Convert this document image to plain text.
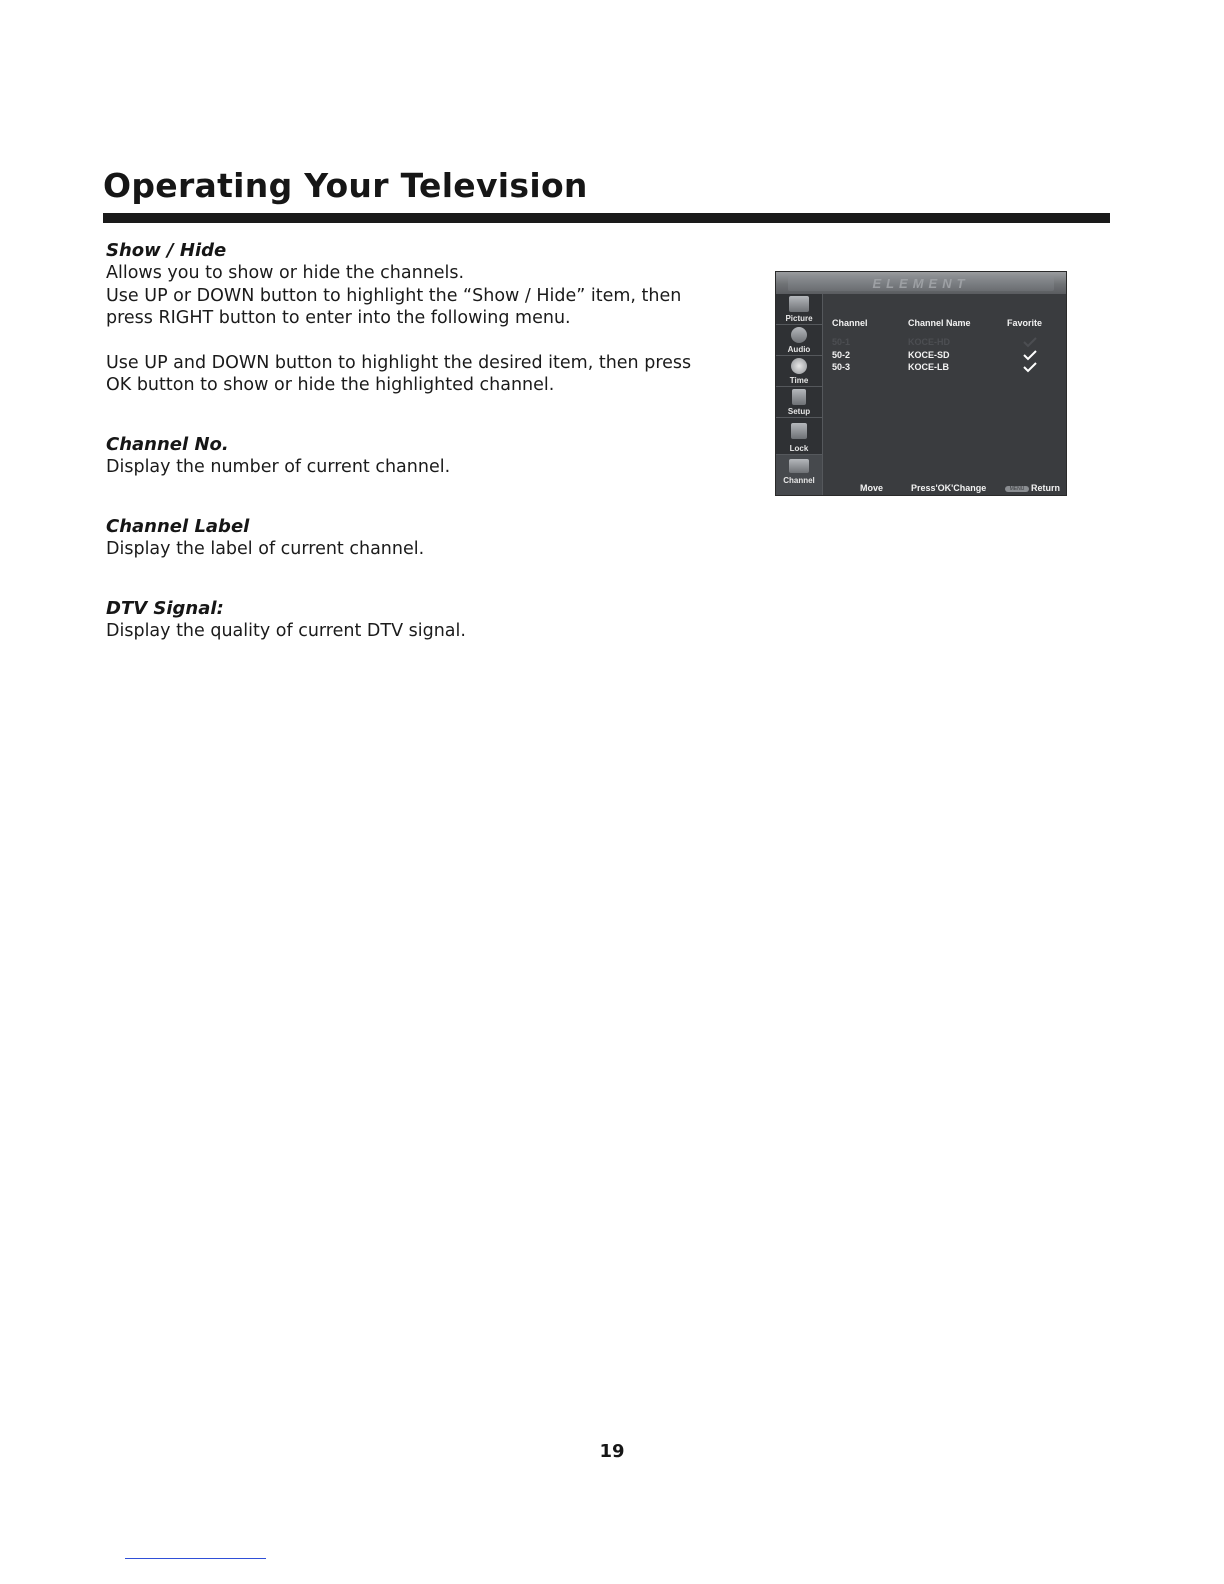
Operating Your Television
Show / Hide

Allows you to show or hide the channels.

Use UP or DOWN button to highlight the “Show / Hide” item, then

press RIGHT button to enter into the following menu.

Use UP and DOWN button to highlight the desired item, then press

OK button to show or hide the highlighted channel.

Channel No.

Display the number of current channel.

Channel Label

Display the label of current channel.

DTV Signal:

Display the quality of current DTV signal.

ELEMENT
Picture
Audio
Time
Setup
Lock
Channel
Channel	Channel Name	Favorite
50-1	KOCE-HD
50-2	KOCE-SD
50-3	KOCE-LB
Move	Press'OK'Change	MENU Return
19
